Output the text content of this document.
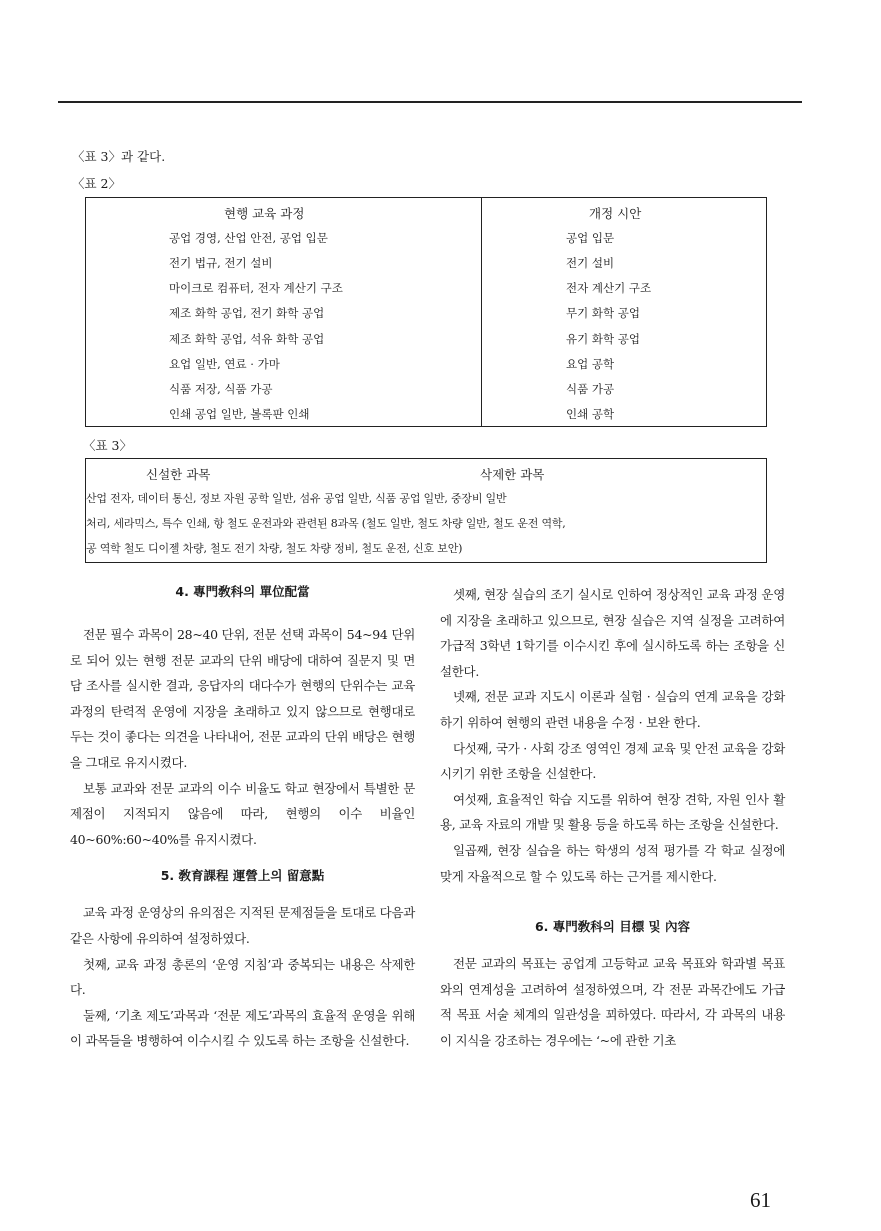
〈표 3〉과 같다.
〈표 2〉
현행 교육 과정	개정 시안
공업 경영, 산업 안전, 공업 입문	공업 입문
전기 법규, 전기 설비	전기 설비
마이크로 컴퓨터, 전자 계산기 구조	전자 계산기 구조
제조 화학 공업, 전기 화학 공업	무기 화학 공업
제조 화학 공업, 석유 화학 공업	유기 화학 공업
요업 일반, 연료 · 가마	요업 공학
식품 저장, 식품 가공	식품 가공
인쇄 공업 일반, 볼록판 인쇄	인쇄 공학
〈표 3〉
신설한 과목	삭제한 과목
산업 전자, 데이터 통신, 정보 자원 공학 일반, 섬유 공업 일반, 식품 공업 일반, 중장비 일반
처리, 세라믹스, 특수 인쇄, 항 철도 운전과와 관련된 8과목 (철도 일반, 철도 차량 일반, 철도 운전 역학,
공 역학 철도 디이젤 차량, 철도 전기 차량, 철도 차량 정비, 철도 운전, 신호 보안)
4. 專門敎科의 單位配當

전문 필수 과목이 28~40 단위, 전문 선택 과목이 54~94 단위로 되어 있는 현행 전문 교과의 단위 배당에 대하여 질문지 및 면담 조사를 실시한 결과, 응답자의 대다수가 현행의 단위수는 교육 과정의 탄력적 운영에 지장을 초래하고 있지 않으므로 현행대로 두는 것이 좋다는 의견을 나타내어, 전문 교과의 단위 배당은 현행을 그대로 유지시켰다.

보통 교과와 전문 교과의 이수 비율도 학교 현장에서 특별한 문제점이 지적되지 않음에 따라, 현행의 이수 비율인 40~60%:60~40%를 유지시켰다.

5. 敎育課程 運營上의 留意點

교육 과정 운영상의 유의점은 지적된 문제점들을 토대로 다음과 같은 사항에 유의하여 설정하였다.

첫째, 교육 과정 총론의 ‘운영 지침’과 중복되는 내용은 삭제한다.

둘째, ‘기초 제도’과목과 ‘전문 제도’과목의 효율적 운영을 위해 이 과목들을 병행하여 이수시킬 수 있도록 하는 조항을 신설한다.

셋째, 현장 실습의 조기 실시로 인하여 정상적인 교육 과정 운영에 지장을 초래하고 있으므로, 현장 실습은 지역 실정을 고려하여 가급적 3학년 1학기를 이수시킨 후에 실시하도록 하는 조항을 신설한다.

넷째, 전문 교과 지도시 이론과 실험 · 실습의 연계 교육을 강화하기 위하여 현행의 관련 내용을 수정 · 보완 한다.

다섯째, 국가 · 사회 강조 영역인 경제 교육 및 안전 교육을 강화시키기 위한 조항을 신설한다.

여섯째, 효율적인 학습 지도를 위하여 현장 견학, 자원 인사 활용, 교육 자료의 개발 및 활용 등을 하도록 하는 조항을 신설한다.

일곱째, 현장 실습을 하는 학생의 성적 평가를 각 학교 실정에 맞게 자율적으로 할 수 있도록 하는 근거를 제시한다.

6. 專門敎科의 目標 및 內容

전문 교과의 목표는 공업계 고등학교 교육 목표와 학과별 목표와의 연계성을 고려하여 설정하였으며, 각 전문 과목간에도 가급적 목표 서술 체계의 일관성을 꾀하였다. 따라서, 각 과목의 내용이 지식을 강조하는 경우에는 ‘~에 관한 기초

61
